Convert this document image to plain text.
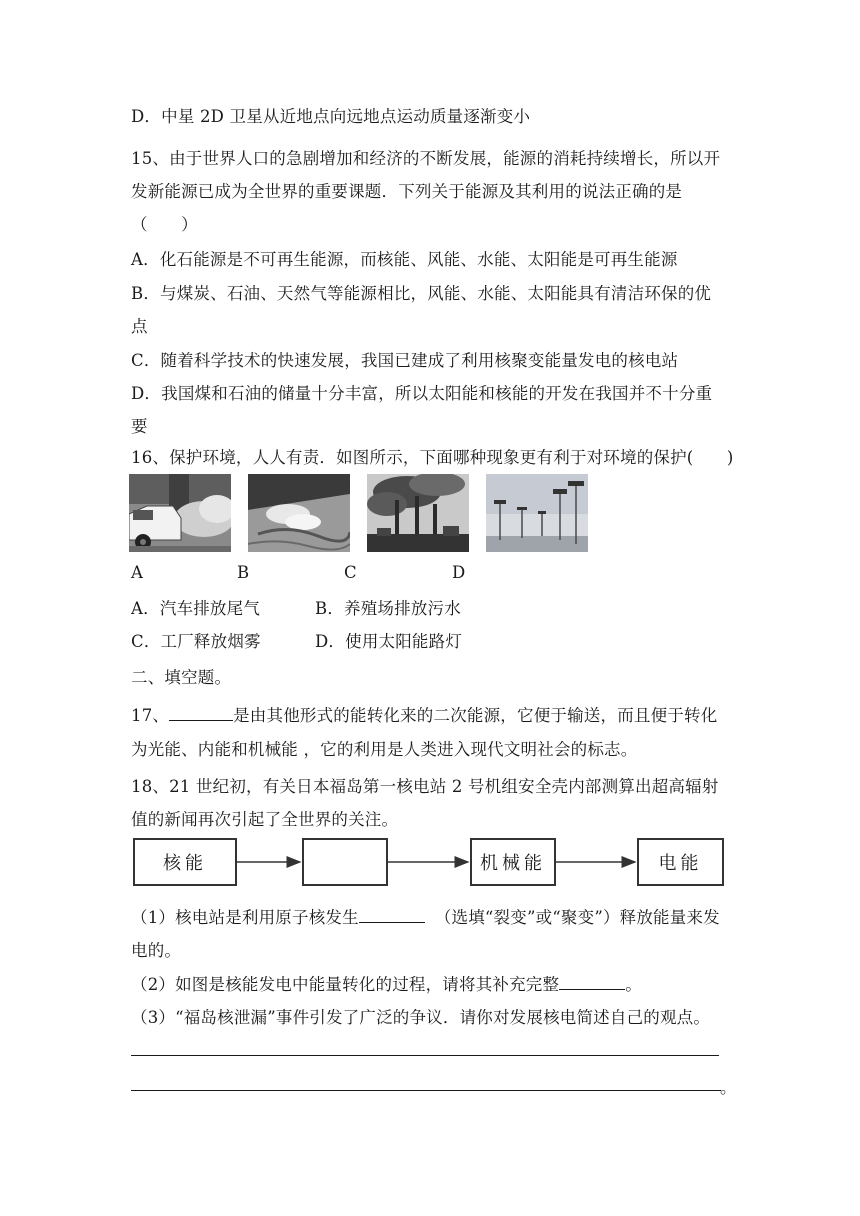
D．中星 2D 卫星从近地点向远地点运动质量逐渐变小
15、由于世界人口的急剧增加和经济的不断发展，能源的消耗持续增长，所以开
发新能源已成为全世界的重要课题．下列关于能源及其利用的说法正确的是
（　　）
A．化石能源是不可再生能源，而核能、风能、水能、太阳能是可再生能源
B．与煤炭、石油、天然气等能源相比，风能、水能、太阳能具有清洁环保的优
点
C．随着科学技术的快速发展，我国已建成了利用核聚变能量发电的核电站
D．我国煤和石油的储量十分丰富，所以太阳能和核能的开发在我国并不十分重
要
16、保护环境，人人有责．如图所示，下面哪种现象更有利于对环境的保护(　　)
A	B	C	D
A．汽车排放尾气	B．养殖场排放污水
C．工厂释放烟雾	D．使用太阳能路灯
二、填空题。
17、	是由其他形式的能转化来的二次能源，它便于输送，而且便于转化
为光能、内能和机械能 ，它的利用是人类进入现代文明社会的标志。
18、21 世纪初，有关日本福岛第一核电站 2 号机组安全壳内部测算出超高辐射
值的新闻再次引起了全世界的关注。
核能	机械能	电能
（1）核电站是利用原子核发生	（选填“裂变”或“聚变”）释放能量来发
电的。
（2）如图是核能发电中能量转化的过程，请将其补充完整	。
（3）“福岛核泄漏”事件引发了广泛的争议．请你对发展核电简述自己的观点。
。
